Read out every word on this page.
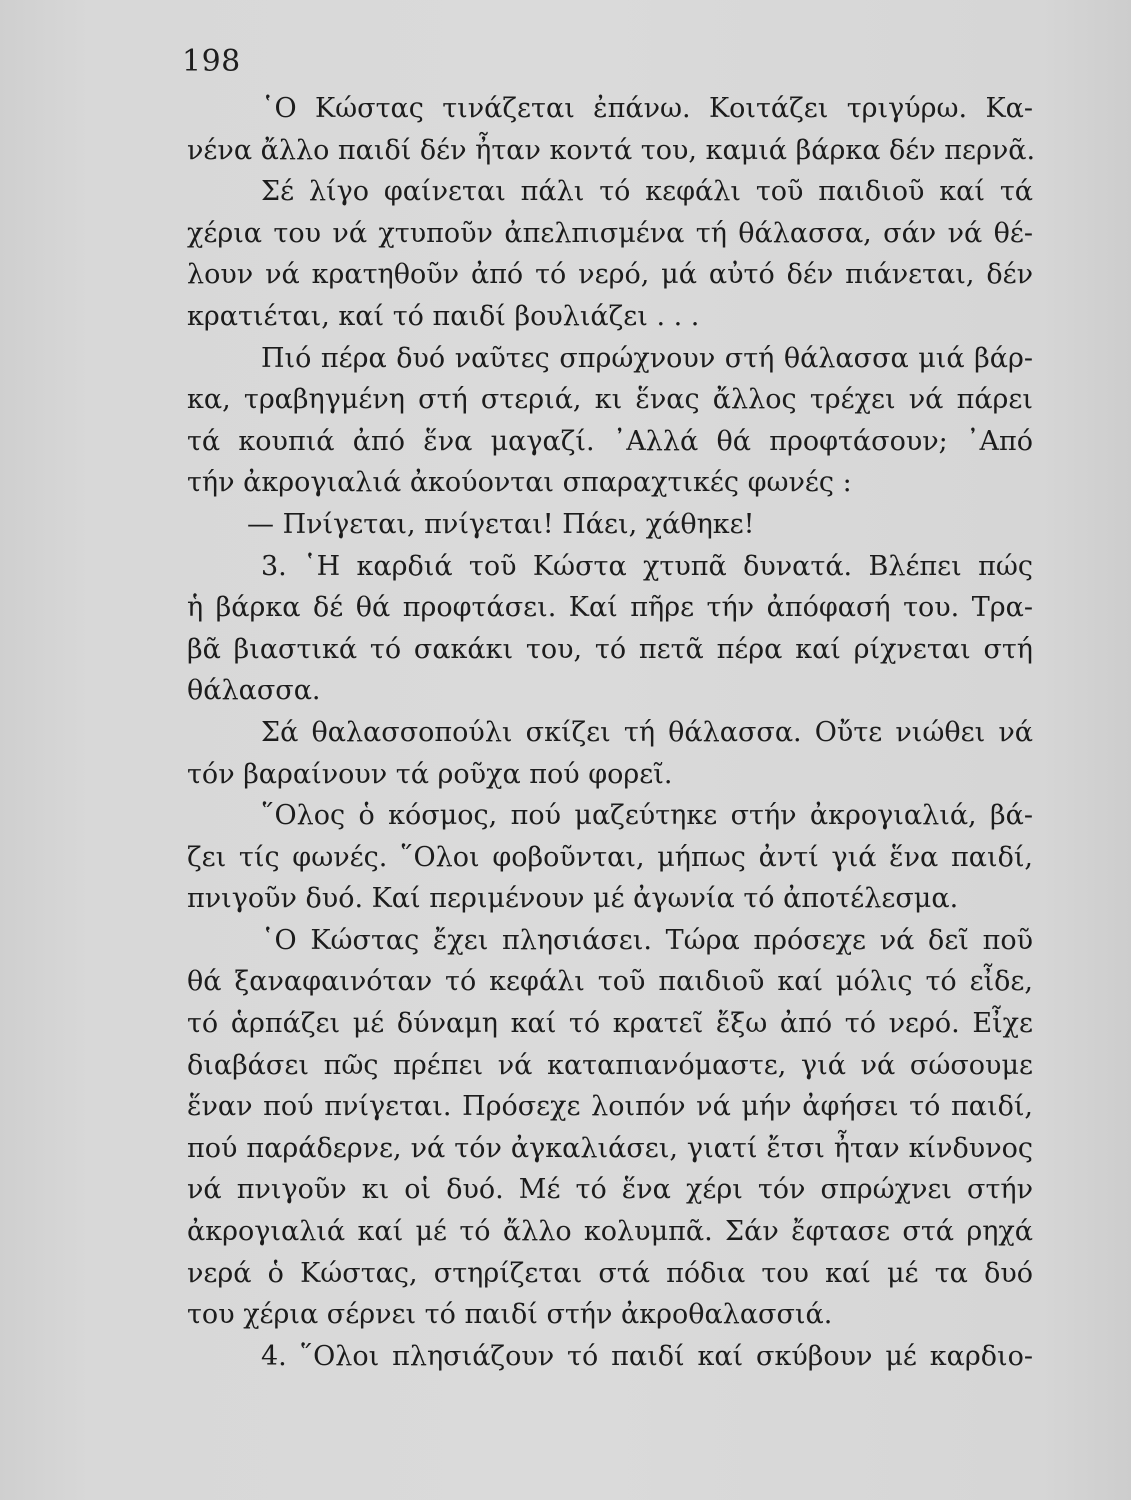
198
῾Ο Κώστας τινάζεται ἐπάνω. Κοιτάζει τριγύρω. Κα-
νένα ἄλλο παιδί δέν ἦταν κοντά του, καμιά βάρκα δέν περνᾶ.
Σέ λίγο φαίνεται πάλι τό κεφάλι τοῦ παιδιοῦ καί τά
χέρια του νά χτυποῦν ἀπελπισμένα τή θάλασσα, σάν νά θέ-
λουν νά κρατηθοῦν ἀπό τό νερό, μά αὐτό δέν πιάνεται, δέν
κρατιέται, καί τό παιδί βουλιάζει . . .
Πιό πέρα δυό ναῦτες σπρώχνουν στή θάλασσα μιά βάρ-
κα, τραβηγμένη στή στεριά, κι ἕνας ἄλλος τρέχει νά πάρει
τά κουπιά ἀπό ἕνα μαγαζί. ᾿Αλλά θά προφτάσουν; ᾿Από
τήν ἀκρογιαλιά ἀκούονται σπαραχτικές φωνές :
— Πνίγεται, πνίγεται! Πάει, χάθηκε!
3. ῾Η καρδιά τοῦ Κώστα χτυπᾶ δυνατά. Βλέπει πώς
ἡ βάρκα δέ θά προφτάσει. Καί πῆρε τήν ἀπόφασή του. Τρα-
βᾶ βιαστικά τό σακάκι του, τό πετᾶ πέρα καί ρίχνεται στή
θάλασσα.
Σά θαλασσοπούλι σκίζει τή θάλασσα. Οὔτε νιώθει νά
τόν βαραίνουν τά ροῦχα πού φορεῖ.
῞Ολος ὁ κόσμος, πού μαζεύτηκε στήν ἀκρογιαλιά, βά-
ζει τίς φωνές. ῞Ολοι φοβοῦνται, μήπως ἀντί γιά ἕνα παιδί,
πνιγοῦν δυό. Καί περιμένουν μέ ἀγωνία τό ἀποτέλεσμα.
῾Ο Κώστας ἔχει πλησιάσει. Τώρα πρόσεχε νά δεῖ ποῦ
θά ξαναφαινόταν τό κεφάλι τοῦ παιδιοῦ καί μόλις τό εἶδε,
τό ἁρπάζει μέ δύναμη καί τό κρατεῖ ἔξω ἀπό τό νερό. Εἶχε
διαβάσει πῶς πρέπει νά καταπιανόμαστε, γιά νά σώσουμε
ἕναν πού πνίγεται. Πρόσεχε λοιπόν νά μήν ἀφήσει τό παιδί,
πού παράδερνε, νά τόν ἀγκαλιάσει, γιατί ἔτσι ἦταν κίνδυνος
νά πνιγοῦν κι οἱ δυό. Μέ τό ἕνα χέρι τόν σπρώχνει στήν
ἀκρογιαλιά καί μέ τό ἄλλο κολυμπᾶ. Σάν ἔφτασε στά ρηχά
νερά ὁ Κώστας, στηρίζεται στά πόδια του καί μέ τα δυό
του χέρια σέρνει τό παιδί στήν ἀκροθαλασσιά.
4. ῞Ολοι πλησιάζουν τό παιδί καί σκύβουν μέ καρδιο-
